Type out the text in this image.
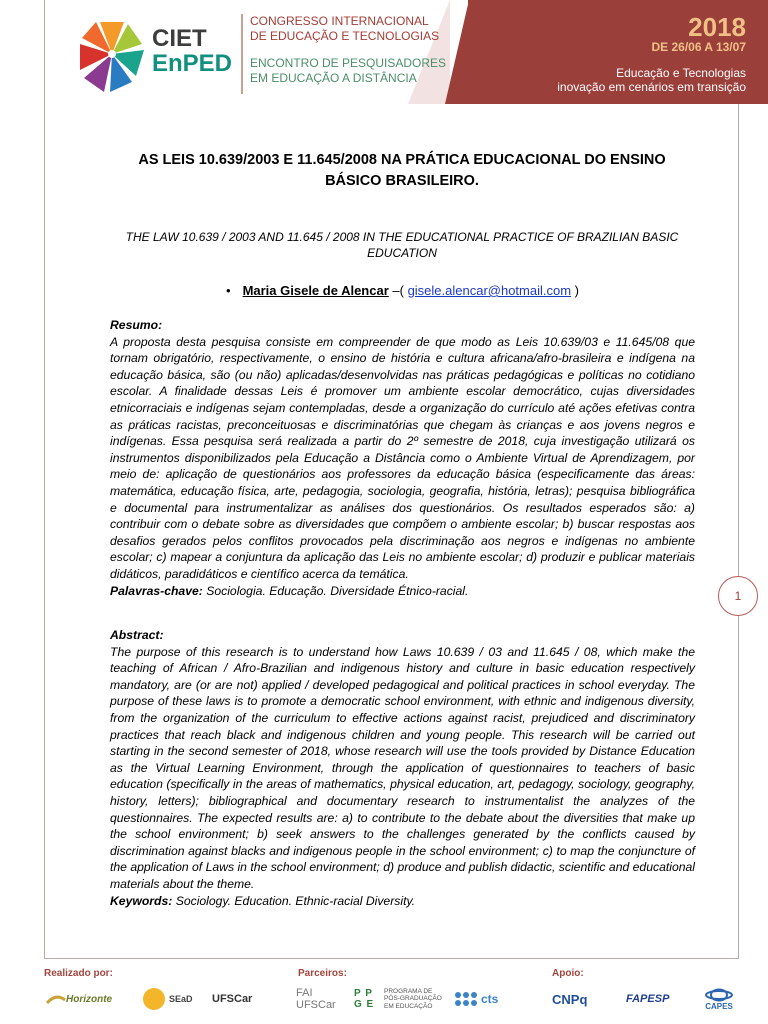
CIET
EnPED
CONGRESSO INTERNACIONAL
DE EDUCAÇÃO E TECNOLOGIAS
ENCONTRO DE PESQUISADORES
EM EDUCAÇÃO A DISTÂNCIA
2018
DE 26/06 A 13/07
Educação e Tecnologias
inovação em cenários em transição
1
AS LEIS 10.639/2003 E 11.645/2008 NA PRÁTICA EDUCACIONAL DO ENSINO
BÁSICO BRASILEIRO.
THE LAW 10.639 / 2003 AND 11.645 / 2008 IN THE EDUCATIONAL PRACTICE OF BRAZILIAN BASIC
EDUCATION
• Maria Gisele de Alencar –( gisele.alencar@hotmail.com )
Resumo:

A proposta desta pesquisa consiste em compreender de que modo as Leis 10.639/03 e 11.645/08 que tornam obrigatório, respectivamente, o ensino de história e cultura africana/afro-brasileira e indígena na educação básica, são (ou não) aplicadas/desenvolvidas nas práticas pedagógicas e políticas no cotidiano escolar. A finalidade dessas Leis é promover um ambiente escolar democrático, cujas diversidades etnicorraciais e indígenas sejam contempladas, desde a organização do currículo até ações efetivas contra as práticas racistas, preconceituosas e discriminatórias que chegam às crianças e aos jovens negros e indígenas. Essa pesquisa será realizada a partir do 2º semestre de 2018, cuja investigação utilizará os instrumentos disponibilizados pela Educação a Distância como o Ambiente Virtual de Aprendizagem, por meio de: aplicação de questionários aos professores da educação básica (especificamente das áreas: matemática, educação física, arte, pedagogia, sociologia, geografia, história, letras); pesquisa bibliográfica e documental para instrumentalizar as análises dos questionários. Os resultados esperados são: a) contribuir com o debate sobre as diversidades que compõem o ambiente escolar; b) buscar respostas aos desafios gerados pelos conflitos provocados pela discriminação aos negros e indígenas no ambiente escolar; c) mapear a conjuntura da aplicação das Leis no ambiente escolar; d) produzir e publicar materiais didáticos, paradidáticos e científico acerca da temática.

Palavras-chave: Sociologia. Educação. Diversidade Étnico-racial.
Abstract:

The purpose of this research is to understand how Laws 10.639 / 03 and 11.645 / 08, which make the teaching of African / Afro-Brazilian and indigenous history and culture in basic education respectively mandatory, are (or are not) applied / developed pedagogical and political practices in school everyday. The purpose of these laws is to promote a democratic school environment, with ethnic and indigenous diversity, from the organization of the curriculum to effective actions against racist, prejudiced and discriminatory practices that reach black and indigenous children and young people. This research will be carried out starting in the second semester of 2018, whose research will use the tools provided by Distance Education as the Virtual Learning Environment, through the application of questionnaires to teachers of basic education (specifically in the areas of mathematics, physical education, art, pedagogy, sociology, geography, history, letters); bibliographical and documentary research to instrumentalist the analyzes of the questionnaires. The expected results are: a) to contribute to the debate about the diversities that make up the school environment; b) seek answers to the challenges generated by the conflicts caused by discrimination against blacks and indigenous people in the school environment; c) to map the conjuncture of the application of Laws in the school environment; d) produce and publish didactic, scientific and educational materials about the theme.

Keywords: Sociology. Education. Ethnic-racial Diversity.
Realizado por:	Parceiros:	Apoio:
Horizonte	SEaD UFSCar	FAI
UFSCar
P P G E
PROGRAMA DE
PÓS-GRADUAÇÃO
EM EDUCAÇÃO
cts	CNPq	FAPESP
CAPES
